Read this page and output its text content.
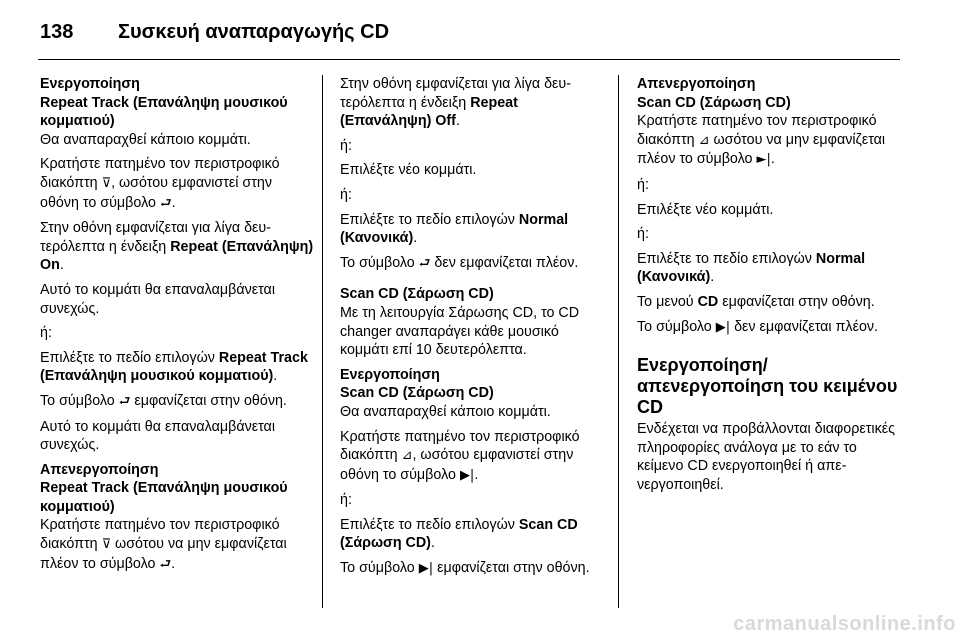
138 Συσκευή αναπαραγωγής CD

Ενεργοποίηση

Repeat Track (Επανάληψη μουσικού κομματιού)

Θα αναπαραχθεί κάποιο κομμάτι.

Κρατήστε πατημένο τον περιστροφικό διακόπτη ⊽, ωσότου εμφανιστεί στην οθόνη το σύμβολο ⮐.

Στην οθόνη εμφανίζεται για λίγα δευτερόλεπτα η ένδειξη Repeat (Επανάληψη) On.

Αυτό το κομμάτι θα επαναλαμβάνεται συνεχώς.

ή:

Επιλέξτε το πεδίο επιλογών Repeat Track (Επανάληψη μουσικού κομματιού).

Το σύμβολο ⮐ εμφανίζεται στην οθόνη.

Αυτό το κομμάτι θα επαναλαμβάνεται συνεχώς.

Απενεργοποίηση

Repeat Track (Επανάληψη μουσικού κομματιού)

Κρατήστε πατημένο τον περιστροφικό διακόπτη ⊽ ωσότου να μην εμφανίζεται πλέον το σύμβολο ⮐.

Στην οθόνη εμφανίζεται για λίγα δευτερόλεπτα η ένδειξη Repeat (Επανάληψη) Off.

ή:

Επιλέξτε νέο κομμάτι.

ή:

Επιλέξτε το πεδίο επιλογών Normal (Κανονικά).

Το σύμβολο ⮐ δεν εμφανίζεται πλέον.

Scan CD (Σάρωση CD)

Με τη λειτουργία Σάρωσης CD, το CD changer αναπαράγει κάθε μουσικό κομμάτι επί 10 δευτερόλεπτα.

Ενεργοποίηση

Scan CD (Σάρωση CD)

Θα αναπαραχθεί κάποιο κομμάτι.

Κρατήστε πατημένο τον περιστροφικό διακόπτη ⊿, ωσότου εμφανιστεί στην οθόνη το σύμβολο ▶|.

ή:

Επιλέξτε το πεδίο επιλογών Scan CD (Σάρωση CD).

Το σύμβολο ▶| εμφανίζεται στην οθόνη.

Απενεργοποίηση

Scan CD (Σάρωση CD)

Κρατήστε πατημένο τον περιστροφικό διακόπτη ⊿ ωσότου να μην εμφανίζεται πλέον το σύμβολο ►|.

ή:

Επιλέξτε νέο κομμάτι.

ή:

Επιλέξτε το πεδίο επιλογών Normal (Κανονικά).

Το μενού CD εμφανίζεται στην οθόνη.

Το σύμβολο ▶| δεν εμφανίζεται πλέον.

Ενεργοποίηση/ απενεργοποίηση του κειμένου CD

Ενδέχεται να προβάλλονται διαφορετικές πληροφορίες ανάλογα με το εάν το κείμενο CD ενεργοποιηθεί ή απενεργοποιηθεί.

carmanualsonline.info
